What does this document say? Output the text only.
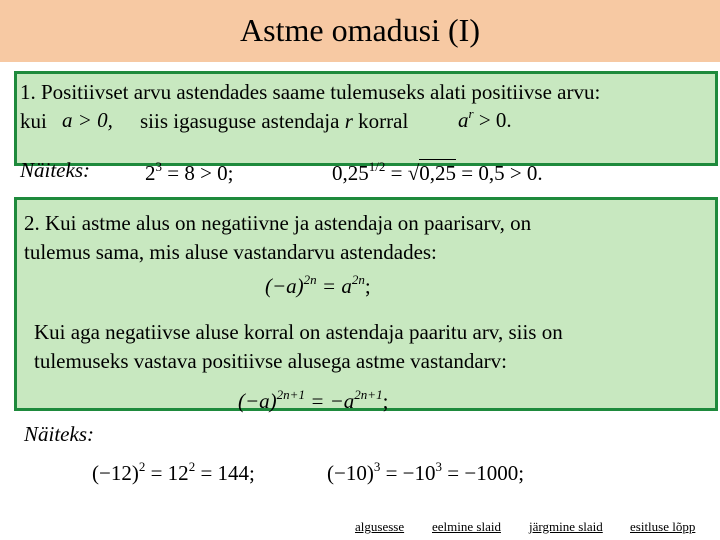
Astme omadusi (I)
1. Positiivset arvu astendades saame tulemuseks alati positiivse arvu:
kui a > 0, siis igasuguse astendaja r korral $a^r > 0$.
Näiteks:	$2^3 = 8 > 0$;	$0,25^{1/2} = √0,25 = 0,5 > 0$.
2. Kui astme alus on negatiivne ja astendaja on paarisarv, on
tulemus sama, mis aluse vastandarvu astendades:
$(-a)^{2n} = a^{2n}$;
Kui aga negatiivse aluse korral on astendaja paaritu arv, siis on
tulemuseks vastava positiivse alusega astme vastandarv:
$(-a)^{2n+1} = -a^{2n+1}$;
Näiteks:
$(-12)^2 = 12^2 = 144$;	$(-10)^3 = -10^3 = -1000$;
algusesse eelmine slaid järgmine slaid esitluse lõpp
